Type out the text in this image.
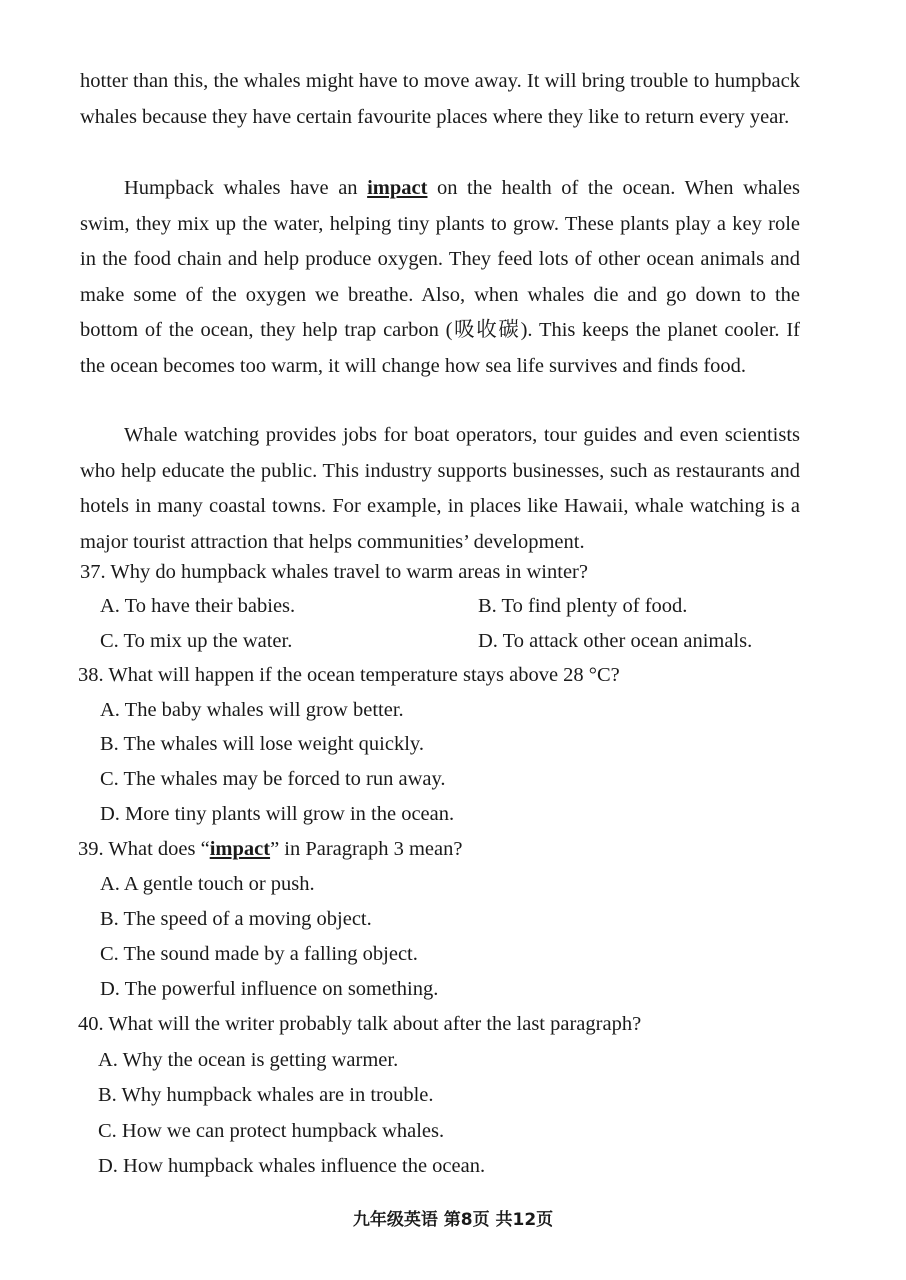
hotter than this, the whales might have to move away. It will bring trouble to humpback whales because they have certain favourite places where they like to return every year.

Humpback whales have an impact on the health of the ocean. When whales swim, they mix up the water, helping tiny plants to grow. These plants play a key role in the food chain and help produce oxygen. They feed lots of other ocean animals and make some of the oxygen we breathe. Also, when whales die and go down to the bottom of the ocean, they help trap carbon (吸收碳). This keeps the planet cooler. If the ocean becomes too warm, it will change how sea life survives and finds food.

Whale watching provides jobs for boat operators, tour guides and even scientists who help educate the public. This industry supports businesses, such as restaurants and hotels in many coastal towns. For example, in places like Hawaii, whale watching is a major tourist attraction that helps communities’ development.

37. Why do humpback whales travel to warm areas in winter?

A. To have their babies.	B. To find plenty of food.

C. To mix up the water.	D. To attack other ocean animals.

38. What will happen if the ocean temperature stays above 28 °C?

A. The baby whales will grow better.

B. The whales will lose weight quickly.

C. The whales may be forced to run away.

D. More tiny plants will grow in the ocean.

39. What does “impact” in Paragraph 3 mean?

A. A gentle touch or push.

B. The speed of a moving object.

C. The sound made by a falling object.

D. The powerful influence on something.

40. What will the writer probably talk about after the last paragraph?

A. Why the ocean is getting warmer.

B. Why humpback whales are in trouble.

C. How we can protect humpback whales.

D. How humpback whales influence the ocean.

九年级英语 第8页 共12页
